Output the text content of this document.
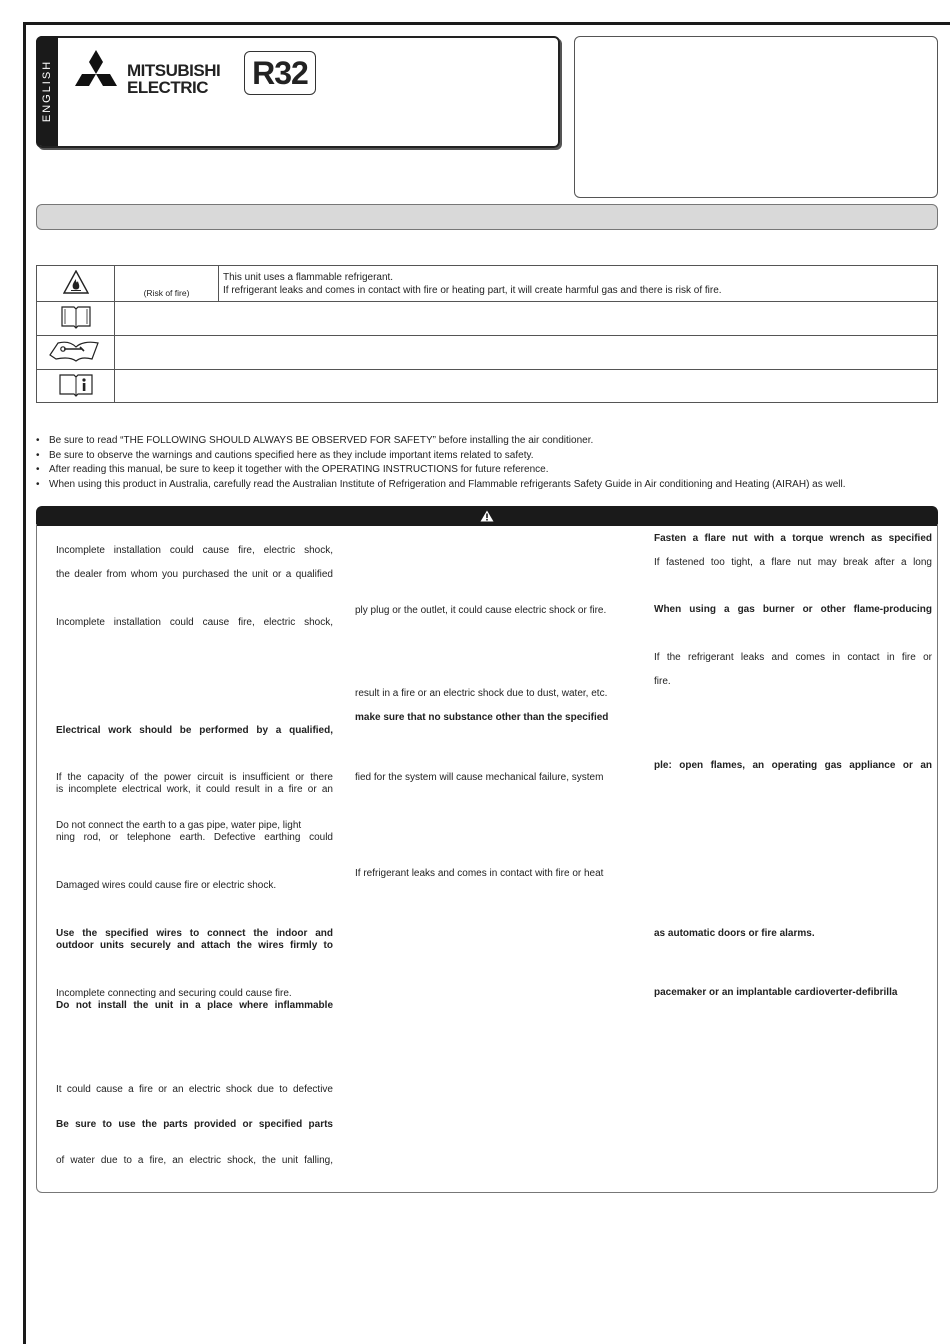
ENGLISH	MITSUBISHI
ELECTRIC R32
	(Risk of fire)	This unit uses a flammable refrigerant.
If refrigerant leaks and comes in contact with fire or heating part, it will create harmful gas and there is risk of fire.

• Be sure to read “THE FOLLOWING SHOULD ALWAYS BE OBSERVED FOR SAFETY” before installing the air conditioner.
• Be sure to observe the warnings and cautions specified here as they include important items related to safety.
• After reading this manual, be sure to keep it together with the OPERATING INSTRUCTIONS for future reference.
• When using this product in Australia, carefully read the Australian Institute of Refrigeration and Flammable refrigerants Safety Guide in Air conditioning and Heating (AIRAH) as well.
Incomplete installation could cause fire, electric shock,
the dealer from whom you purchased the unit or a qualified
Incomplete installation could cause fire, electric shock,
Electrical work should be performed by a qualified,
If the capacity of the power circuit is insufficient or there
is incomplete electrical work, it could result in a fire or an
Do not connect the earth to a gas pipe, water pipe, light
ning rod, or telephone earth. Defective earthing could
Damaged wires could cause fire or electric shock.
Use the specified wires to connect the indoor and
outdoor units securely and attach the wires firmly to
Incomplete connecting and securing could cause fire.
Do not install the unit in a place where inflammable
It could cause a fire or an electric shock due to defective
Be sure to use the parts provided or specified parts
of water due to a fire, an electric shock, the unit falling,
ply plug or the outlet, it could cause electric shock or fire.
result in a fire or an electric shock due to dust, water, etc.
make sure that no substance other than the specified
fied for the system will cause mechanical failure, system
If refrigerant leaks and comes in contact with fire or heat
Fasten a flare nut with a torque wrench as specified
If fastened too tight, a flare nut may break after a long
When using a gas burner or other flame-producing
If the refrigerant leaks and comes in contact in fire or
fire.
ple: open flames, an operating gas appliance or an
as automatic doors or fire alarms.
pacemaker or an implantable cardioverter-defibrilla
